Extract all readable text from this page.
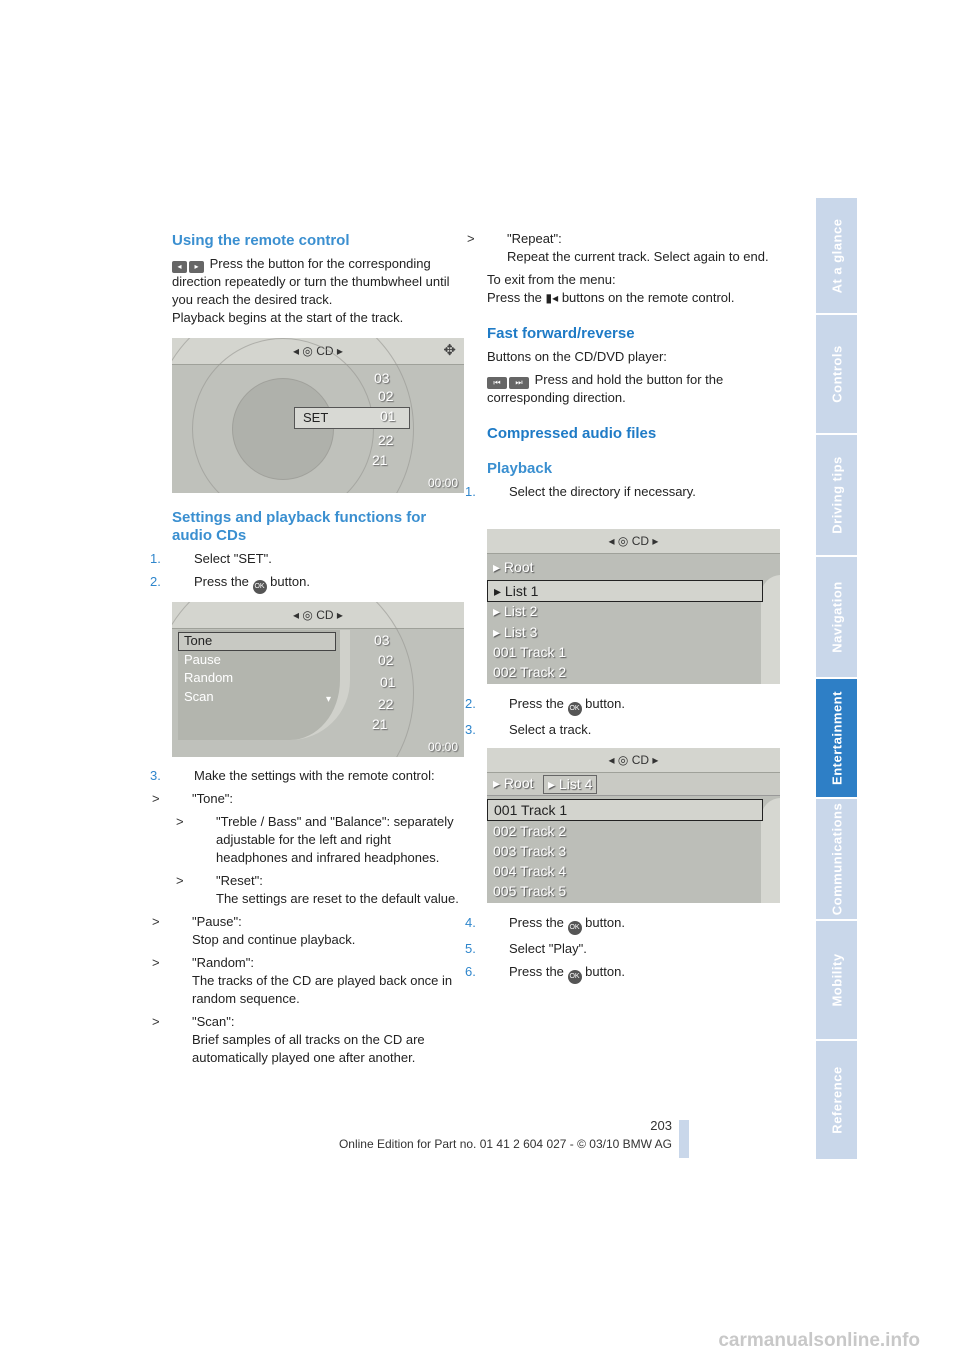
At a glance
Controls
Driving tips
Navigation
Entertainment
Communications
Mobility
Reference

Using the remote control

◂ ▸ Press the button for the corresponding direction repeatedly or turn the thumbwheel until you reach the desired track.
Playback begins at the start of the track.

◂ ◎ CD ▸
SET
03
02
01
22
21
00:00
✥

Settings and playback functions for audio CDs

1.	Select "SET".

2.	Press the OK button.

◂ ◎ CD ▸
Tone
Pause
Random
Scan	▾
03
02
01
22
21
00:00

3.	Make the settings with the remote control:

> "Tone":

> "Treble / Bass" and "Balance": separately adjustable for the left and right headphones and infrared headphones.

> "Reset":
The settings are reset to the default value.

> "Pause":
Stop and continue playback.

> "Random":
The tracks of the CD are played back once in random sequence.

> "Scan":
Brief samples of all tracks on the CD are automatically played one after another.

> "Repeat":
Repeat the current track. Select again to end.

To exit from the menu:

Press the ▮◂ buttons on the remote control.

Fast forward/reverse

Buttons on the CD/DVD player:

⏮ ⏭ Press and hold the button for the corresponding direction.

Compressed audio files

Playback

1.	Select the directory if necessary.

◂ ◎ CD ▸
▸ Root
▸ List 1
▸ List 2
▸ List 3
001 Track 1
002 Track 2

2.	Press the OK button.

3.	Select a track.

◂ ◎ CD ▸
▸ Root	▸ List 4
001 Track 1
002 Track 2
003 Track 3
004 Track 4
005 Track 5

4.	Press the OK button.

5.	Select "Play".

6.	Press the OK button.

203
Online Edition for Part no. 01 41 2 604 027 - © 03/10 BMW AG
carmanualsonline.info
